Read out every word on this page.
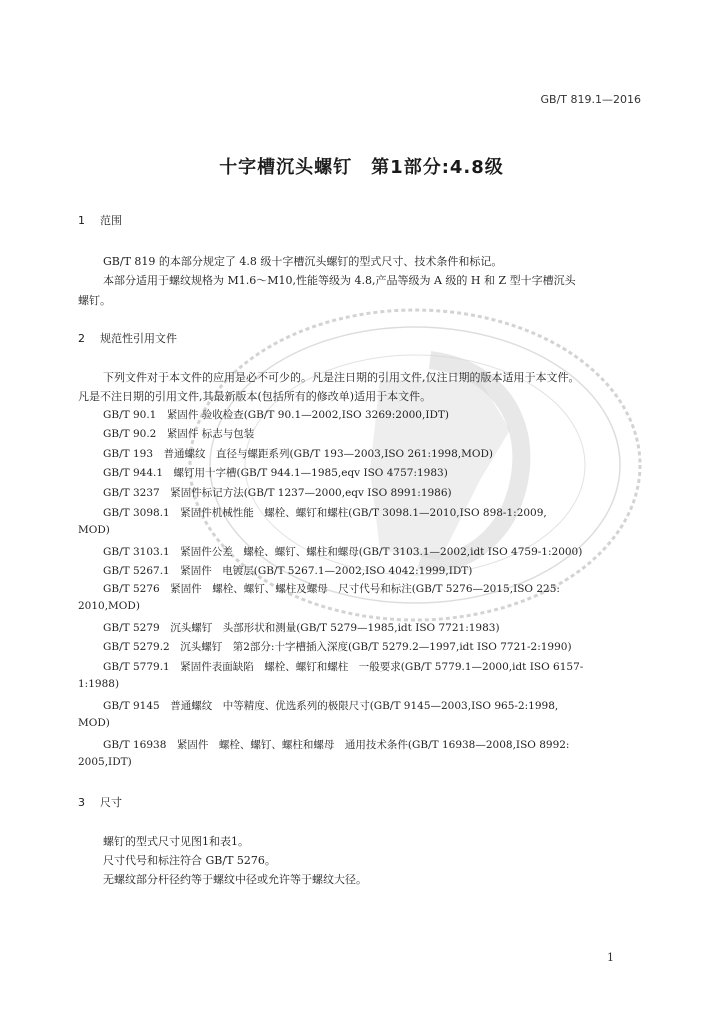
GB/T 819.1—2016
十字槽沉头螺钉　第1部分:4.8级
1 范围
GB/T 819 的本部分规定了 4.8 级十字槽沉头螺钉的型式尺寸、技术条件和标记。
本部分适用于螺纹规格为 M1.6～M10,性能等级为 4.8,产品等级为 A 级的 H 和 Z 型十字槽沉头
螺钉。
2 规范性引用文件
下列文件对于本文件的应用是必不可少的。凡是注日期的引用文件,仅注日期的版本适用于本文件。
凡是不注日期的引用文件,其最新版本(包括所有的修改单)适用于本文件。
GB/T 90.1　紧固件 验收检查(GB/T 90.1—2002,ISO 3269:2000,IDT)
GB/T 90.2　紧固件 标志与包装
GB/T 193　普通螺纹　直径与螺距系列(GB/T 193—2003,ISO 261:1998,MOD)
GB/T 944.1　螺钉用十字槽(GB/T 944.1—1985,eqv ISO 4757:1983)
GB/T 3237　紧固件标记方法(GB/T 1237—2000,eqv ISO 8991:1986)
GB/T 3098.1　紧固件机械性能　螺栓、螺钉和螺柱(GB/T 3098.1—2010,ISO 898-1:2009,
MOD)
GB/T 3103.1　紧固件公差　螺栓、螺钉、螺柱和螺母(GB/T 3103.1—2002,idt ISO 4759-1:2000)
GB/T 5267.1　紧固件　电镀层(GB/T 5267.1—2002,ISO 4042:1999,IDT)
GB/T 5276　紧固件　螺栓、螺钉、螺柱及螺母　尺寸代号和标注(GB/T 5276—2015,ISO 225:
2010,MOD)
GB/T 5279　沉头螺钉　头部形状和测量(GB/T 5279—1985,idt ISO 7721:1983)
GB/T 5279.2　沉头螺钉　第2部分:十字槽插入深度(GB/T 5279.2—1997,idt ISO 7721-2:1990)
GB/T 5779.1　紧固件表面缺陷　螺栓、螺钉和螺柱　一般要求(GB/T 5779.1—2000,idt ISO 6157-
1:1988)
GB/T 9145　普通螺纹　中等精度、优选系列的极限尺寸(GB/T 9145—2003,ISO 965-2:1998,
MOD)
GB/T 16938　紧固件　螺栓、螺钉、螺柱和螺母　通用技术条件(GB/T 16938—2008,ISO 8992:
2005,IDT)
3 尺寸
螺钉的型式尺寸见图1和表1。
尺寸代号和标注符合 GB/T 5276。
无螺纹部分杆径约等于螺纹中径或允许等于螺纹大径。
1
